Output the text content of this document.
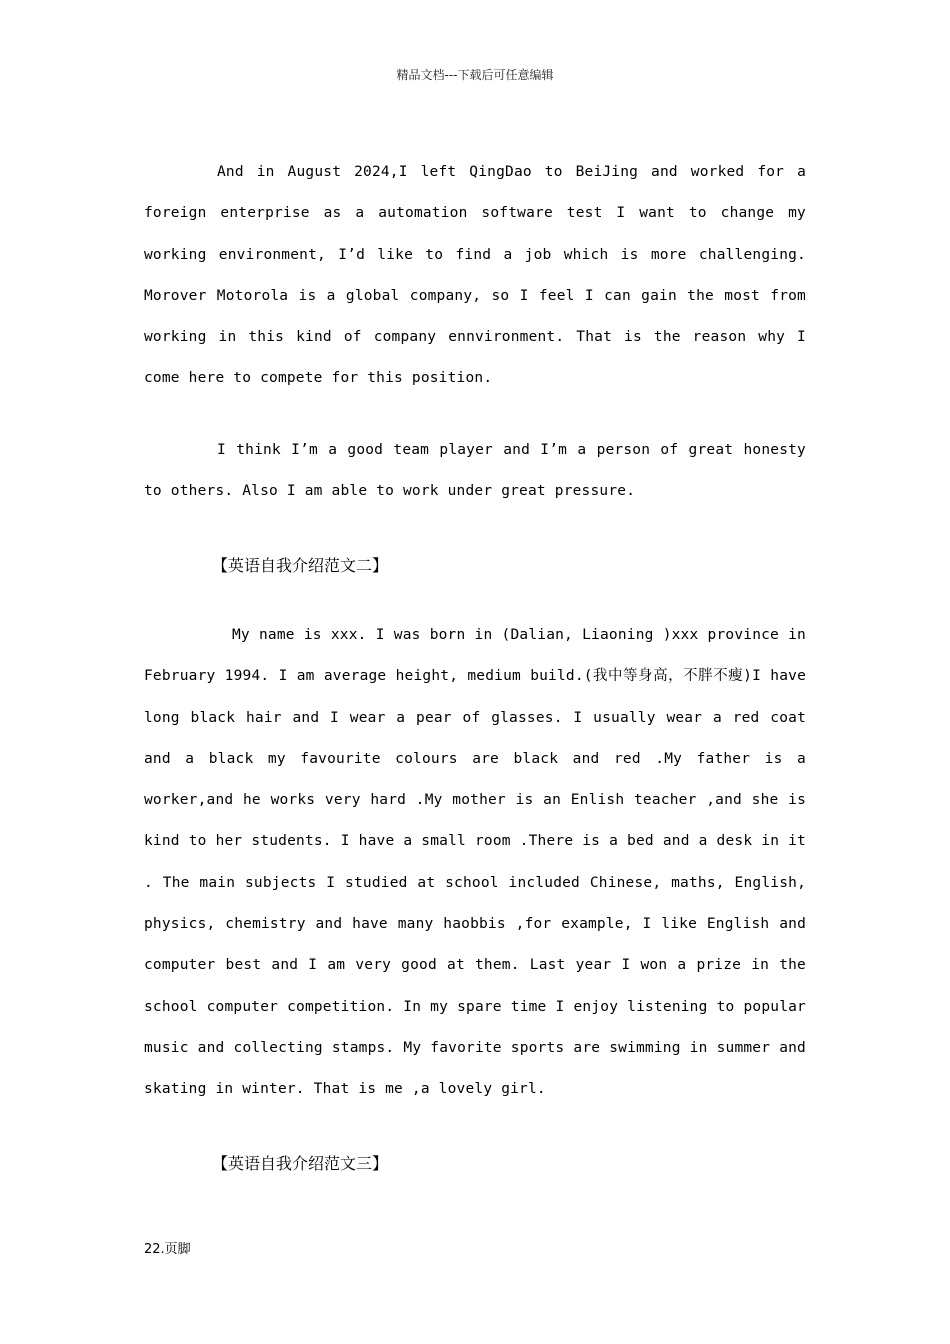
精品文档---下载后可任意编辑

And in August 2024,I left QingDao to BeiJing and worked for a foreign enterprise as a automation software test I want to change my working environment, I’d like to find a job which is more challenging. Morover Motorola is a global company, so I feel I can gain the most from working in this kind of company ennvironment. That is the reason why I come here to compete for this position.

I think I’m a good team player and I’m a person of great honesty to others. Also I am able to work under great pressure.

【英语自我介绍范文二】

My name is xxx. I was born in (Dalian, Liaoning )xxx province in February 1994. I am average height, medium build.(我中等身高，不胖不瘦)I have long black hair and I wear a pear of glasses. I usually wear a red coat and a black my favourite colours are black and red .My father is a worker,and he works very hard .My mother is an Enlish teacher ,and she is kind to her students. I have a small room .There is a bed and a desk in it . The main subjects I studied at school included Chinese, maths, English, physics, chemistry and have many haobbis ,for example, I like English and computer best and I am very good at them. Last year I won a prize in the school computer competition. In my spare time I enjoy listening to popular music and collecting stamps. My favorite sports are swimming in summer and skating in winter. That is me ,a lovely girl.

【英语自我介绍范文三】
22.页脚
